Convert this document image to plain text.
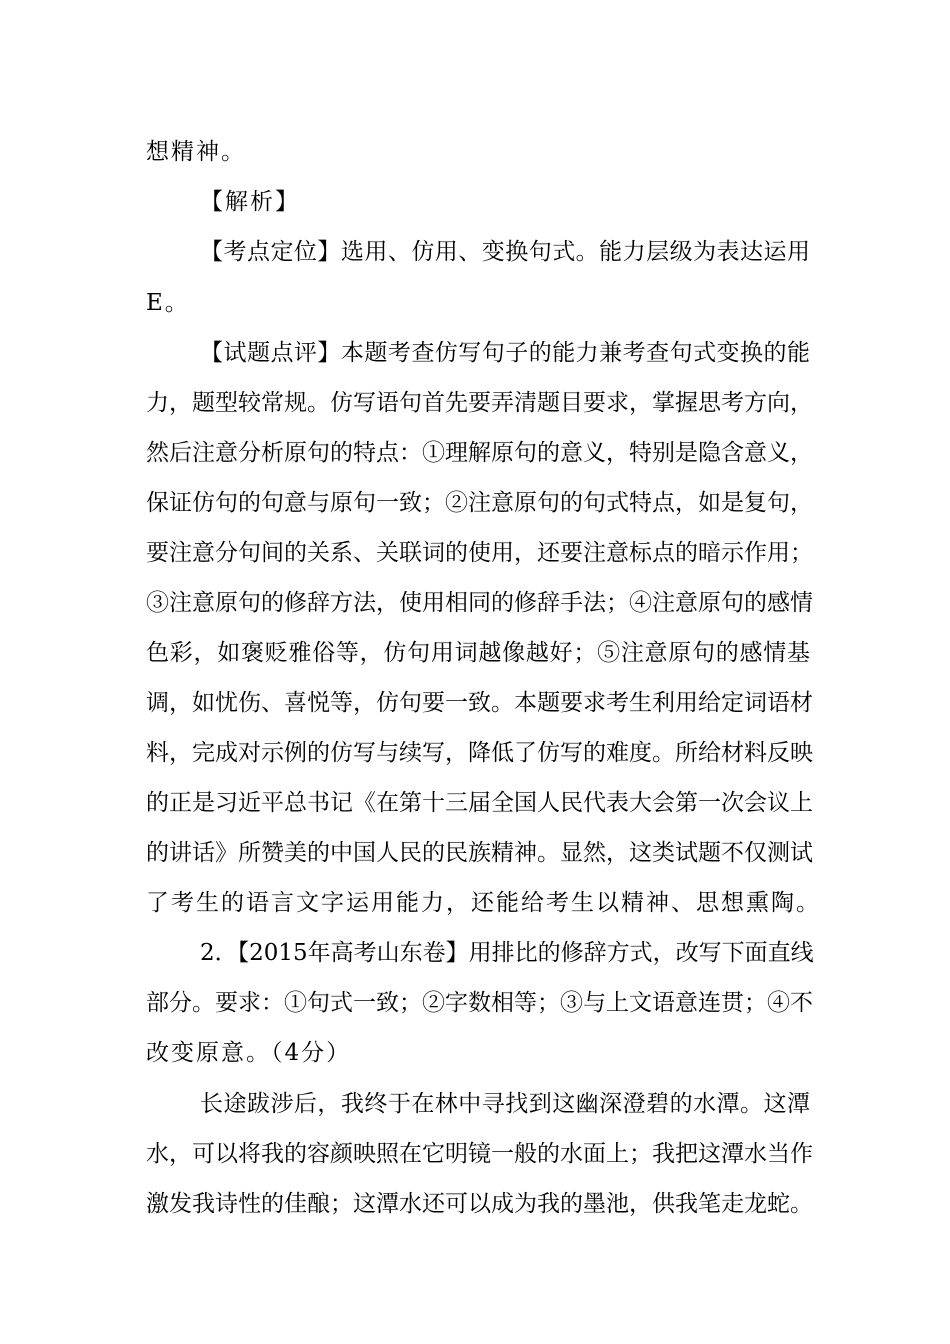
想精神。
【解析】
【考点定位】选用、仿用、变换句式。能力层级为表达运用
E。
【试题点评】本题考查仿写句子的能力兼考查句式变换的能
力，题型较常规。仿写语句首先要弄清题目要求，掌握思考方向，
然后注意分析原句的特点：①理解原句的意义，特别是隐含意义，
保证仿句的句意与原句一致；②注意原句的句式特点，如是复句，
要注意分句间的关系、关联词的使用，还要注意标点的暗示作用；
③注意原句的修辞方法，使用相同的修辞手法；④注意原句的感情
色彩，如褒贬雅俗等，仿句用词越像越好；⑤注意原句的感情基
调，如忧伤、喜悦等，仿句要一致。本题要求考生利用给定词语材
料，完成对示例的仿写与续写，降低了仿写的难度。所给材料反映
的正是习近平总书记《在第十三届全国人民代表大会第一次会议上
的讲话》所赞美的中国人民的民族精神。显然，这类试题不仅测试
了考生的语言文字运用能力，还能给考生以精神、思想熏陶。
2．【2015年高考山东卷】用排比的修辞方式，改写下面直线
部分。要求：①句式一致；②字数相等；③与上文语意连贯；④不
改变原意。（4分）
长途跋涉后，我终于在林中寻找到这幽深澄碧的水潭。这潭
水，可以将我的容颜映照在它明镜一般的水面上；我把这潭水当作
激发我诗性的佳酿；这潭水还可以成为我的墨池，供我笔走龙蛇。
